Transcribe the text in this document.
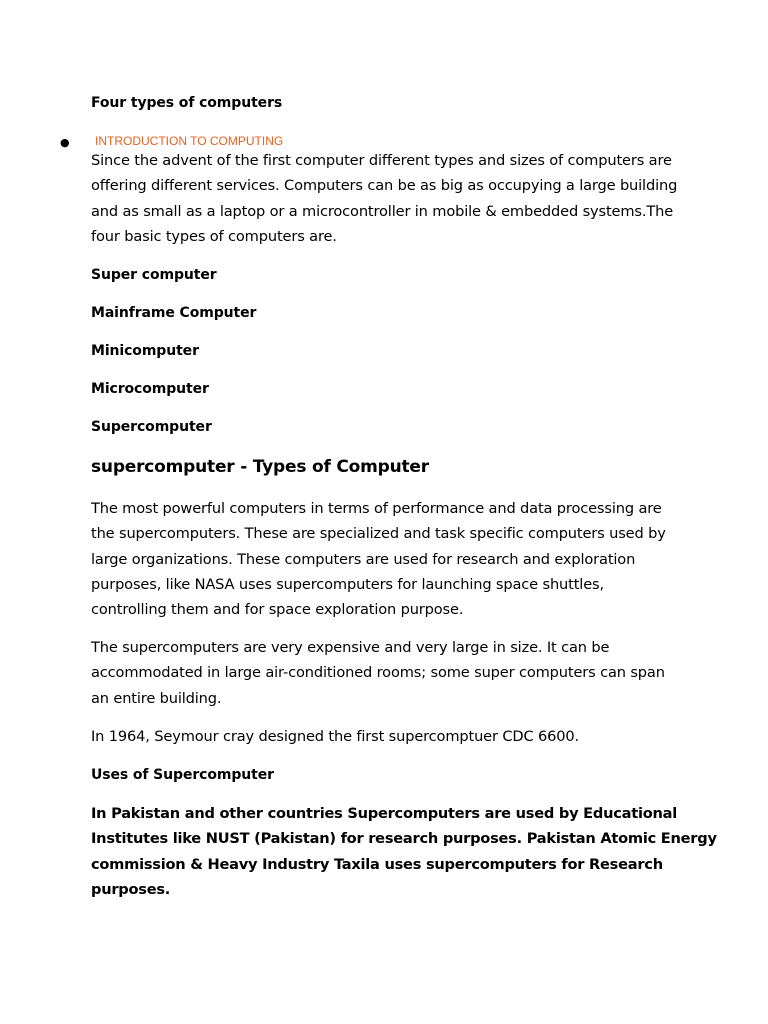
Four types of computers
● INTRODUCTION TO COMPUTING
Since the advent of the first computer different types and sizes of computers are
offering different services. Computers can be as big as occupying a large building
and as small as a laptop or a microcontroller in mobile & embedded systems.The
four basic types of computers are.
Super computer
Mainframe Computer
Minicomputer
Microcomputer
Supercomputer
supercomputer - Types of Computer
The most powerful computers in terms of performance and data processing are
the supercomputers. These are specialized and task specific computers used by
large organizations. These computers are used for research and exploration
purposes, like NASA uses supercomputers for launching space shuttles,
controlling them and for space exploration purpose.
The supercomputers are very expensive and very large in size. It can be
accommodated in large air-conditioned rooms; some super computers can span
an entire building.
In 1964, Seymour cray designed the first supercomptuer CDC 6600.
Uses of Supercomputer
In Pakistan and other countries Supercomputers are used by Educational
Institutes like NUST (Pakistan) for research purposes. Pakistan Atomic Energy
commission & Heavy Industry Taxila uses supercomputers for Research
purposes.
